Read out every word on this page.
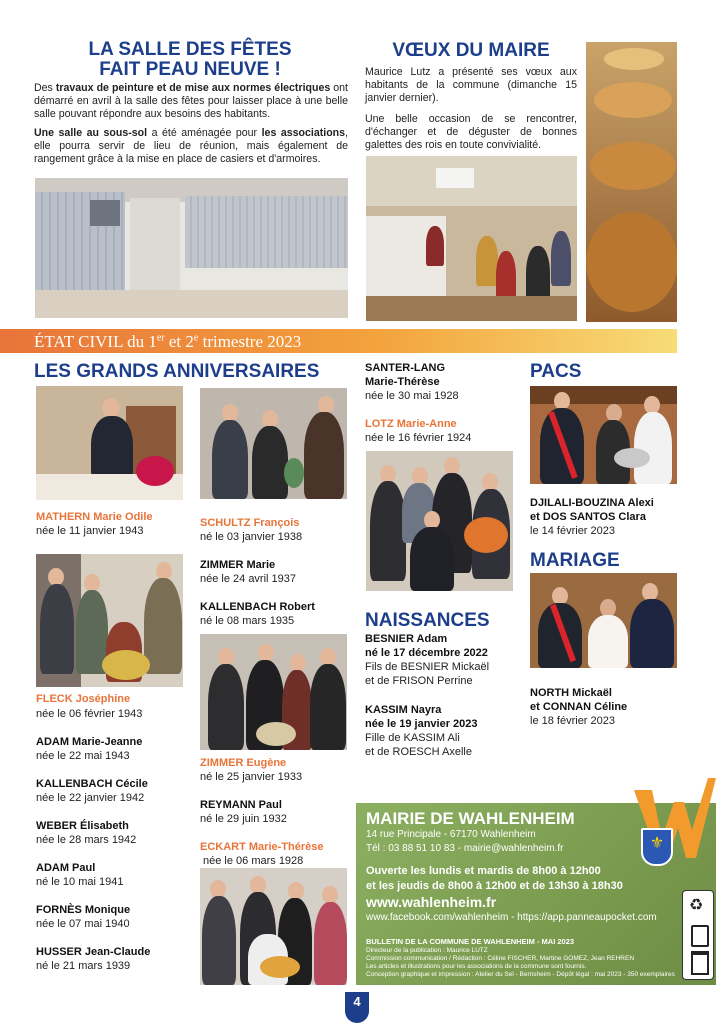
LA SALLE DES FÊTES
FAIT PEAU NEUVE !
Des travaux de peinture et de mise aux normes électriques ont démarré en avril à la salle des fêtes pour laisser place à une belle salle pouvant répondre aux besoins des habitants.
Une salle au sous-sol a été aménagée pour les associations, elle pourra servir de lieu de réunion, mais également de rangement grâce à la mise en place de casiers et d'armoires.
VŒUX DU MAIRE
Maurice Lutz a présenté ses vœux aux habitants de la commune (dimanche 15 janvier dernier).
Une belle occasion de se rencontrer, d'échanger et de déguster de bonnes galettes des rois en toute convivialité.
ÉTAT CIVIL du 1er et 2e trimestre 2023
LES GRANDS ANNIVERSAIRES
MATHERN Marie Odile
née le 11 janvier 1943
FLECK Joséphine
née le 06 février 1943
ADAM Marie-Jeanne
née le 22 mai 1943
KALLENBACH Cécile
née le 22 janvier 1942
WEBER Élisabeth
née le 28 mars 1942
ADAM Paul
né le 10 mai 1941
FORNÈS Monique
née le 07 mai 1940
HUSSER Jean-Claude
né le 21 mars 1939
SCHULTZ François
né le 03 janvier 1938
ZIMMER Marie
née le 24 avril 1937
KALLENBACH Robert
né le 08 mars 1935
ZIMMER Eugène
né le 25 janvier 1933
REYMANN Paul
né le 29 juin 1932
ECKART Marie-Thérèse
née le 06 mars 1928
SANTER-LANG
Marie-Thérèse
née le 30 mai 1928
LOTZ Marie-Anne
née le 16 février 1924
NAISSANCES
BESNIER Adam
né le 17 décembre 2022
Fils de BESNIER Mickaël
et de FRISON Perrine
KASSIM Nayra
née le 19 janvier 2023
Fille de KASSIM Ali
et de ROESCH Axelle
PACS
DJILALI-BOUZINA Alexi
et DOS SANTOS Clara
le 14 février 2023
MARIAGE
NORTH Mickaël
et CONNAN Céline
le 18 février 2023
⚜
MAIRIE DE WAHLENHEIM
14 rue Principale - 67170 Wahlenheim
Tél : 03 88 51 10 83 - mairie@wahlenheim.fr
Ouverte les lundis et mardis de 8h00 à 12h00
et les jeudis de 8h00 à 12h00 et de 13h30 à 18h30
www.wahlenheim.fr
www.facebook.com/wahlenheim - https://app.panneaupocket.com
BULLETIN DE LA COMMUNE DE WAHLENHEIM - MAI 2023
Directeur de la publication : Maurice LUTZ
Commission communication / Rédaction : Céline FISCHER, Martine GOMEZ, Jean REHREN
Les articles et illustrations pour les associations de la commune sont fournis.
Conception graphique et impression : Atelier du Sel - Bernsheim - Dépôt légal : mai 2023 - 350 exemplaires
♻
4
